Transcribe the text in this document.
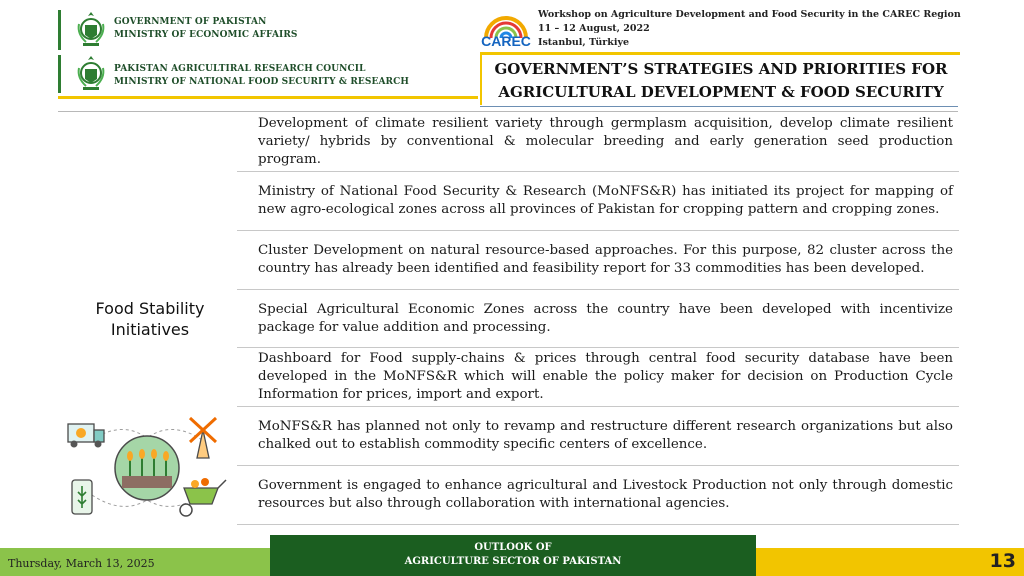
GOVERNMENT OF PAKISTAN
MINISTRY OF ECONOMIC AFFAIRS
PAKISTAN AGRICULTIRAL RESEARCH COUNCIL
MINISTRY OF NATIONAL FOOD SECURITY & RESEARCH
CAREC
Workshop on Agriculture Development and Food Security in the CAREC Region
11 – 12 August, 2022
Istanbul, Türkiye
GOVERNMENT’S STRATEGIES AND PRIORITIES FOR
AGRICULTURAL DEVELOPMENT & FOOD SECURITY
Food Stability
Initiatives

Development of climate resilient variety through germplasm acquisition, develop climate resilient variety/ hybrids by conventional & molecular breeding and early generation seed production program.

Ministry of National Food Security & Research (MoNFS&R) has initiated its project for mapping of new agro-ecological zones across all provinces of Pakistan for cropping pattern and cropping zones.

Cluster Development on natural resource-based approaches. For this purpose, 82 cluster across the country has already been identified and feasibility report for 33 commodities has been developed.

Special Agricultural Economic Zones across the country have been developed with incentivize package for value addition and processing.

Dashboard for Food supply-chains & prices through central food security database have been developed in the MoNFS&R which will enable the policy maker for decision on Production Cycle Information for prices, import and export.

MoNFS&R has planned not only to revamp and restructure different research organizations but also chalked out to establish commodity specific centers of excellence.

Government is engaged to enhance agricultural and Livestock Production not only through domestic resources but also through collaboration with international agencies.

OUTLOOK OF
AGRICULTURE SECTOR OF PAKISTAN
Thursday, March 13, 2025	13
